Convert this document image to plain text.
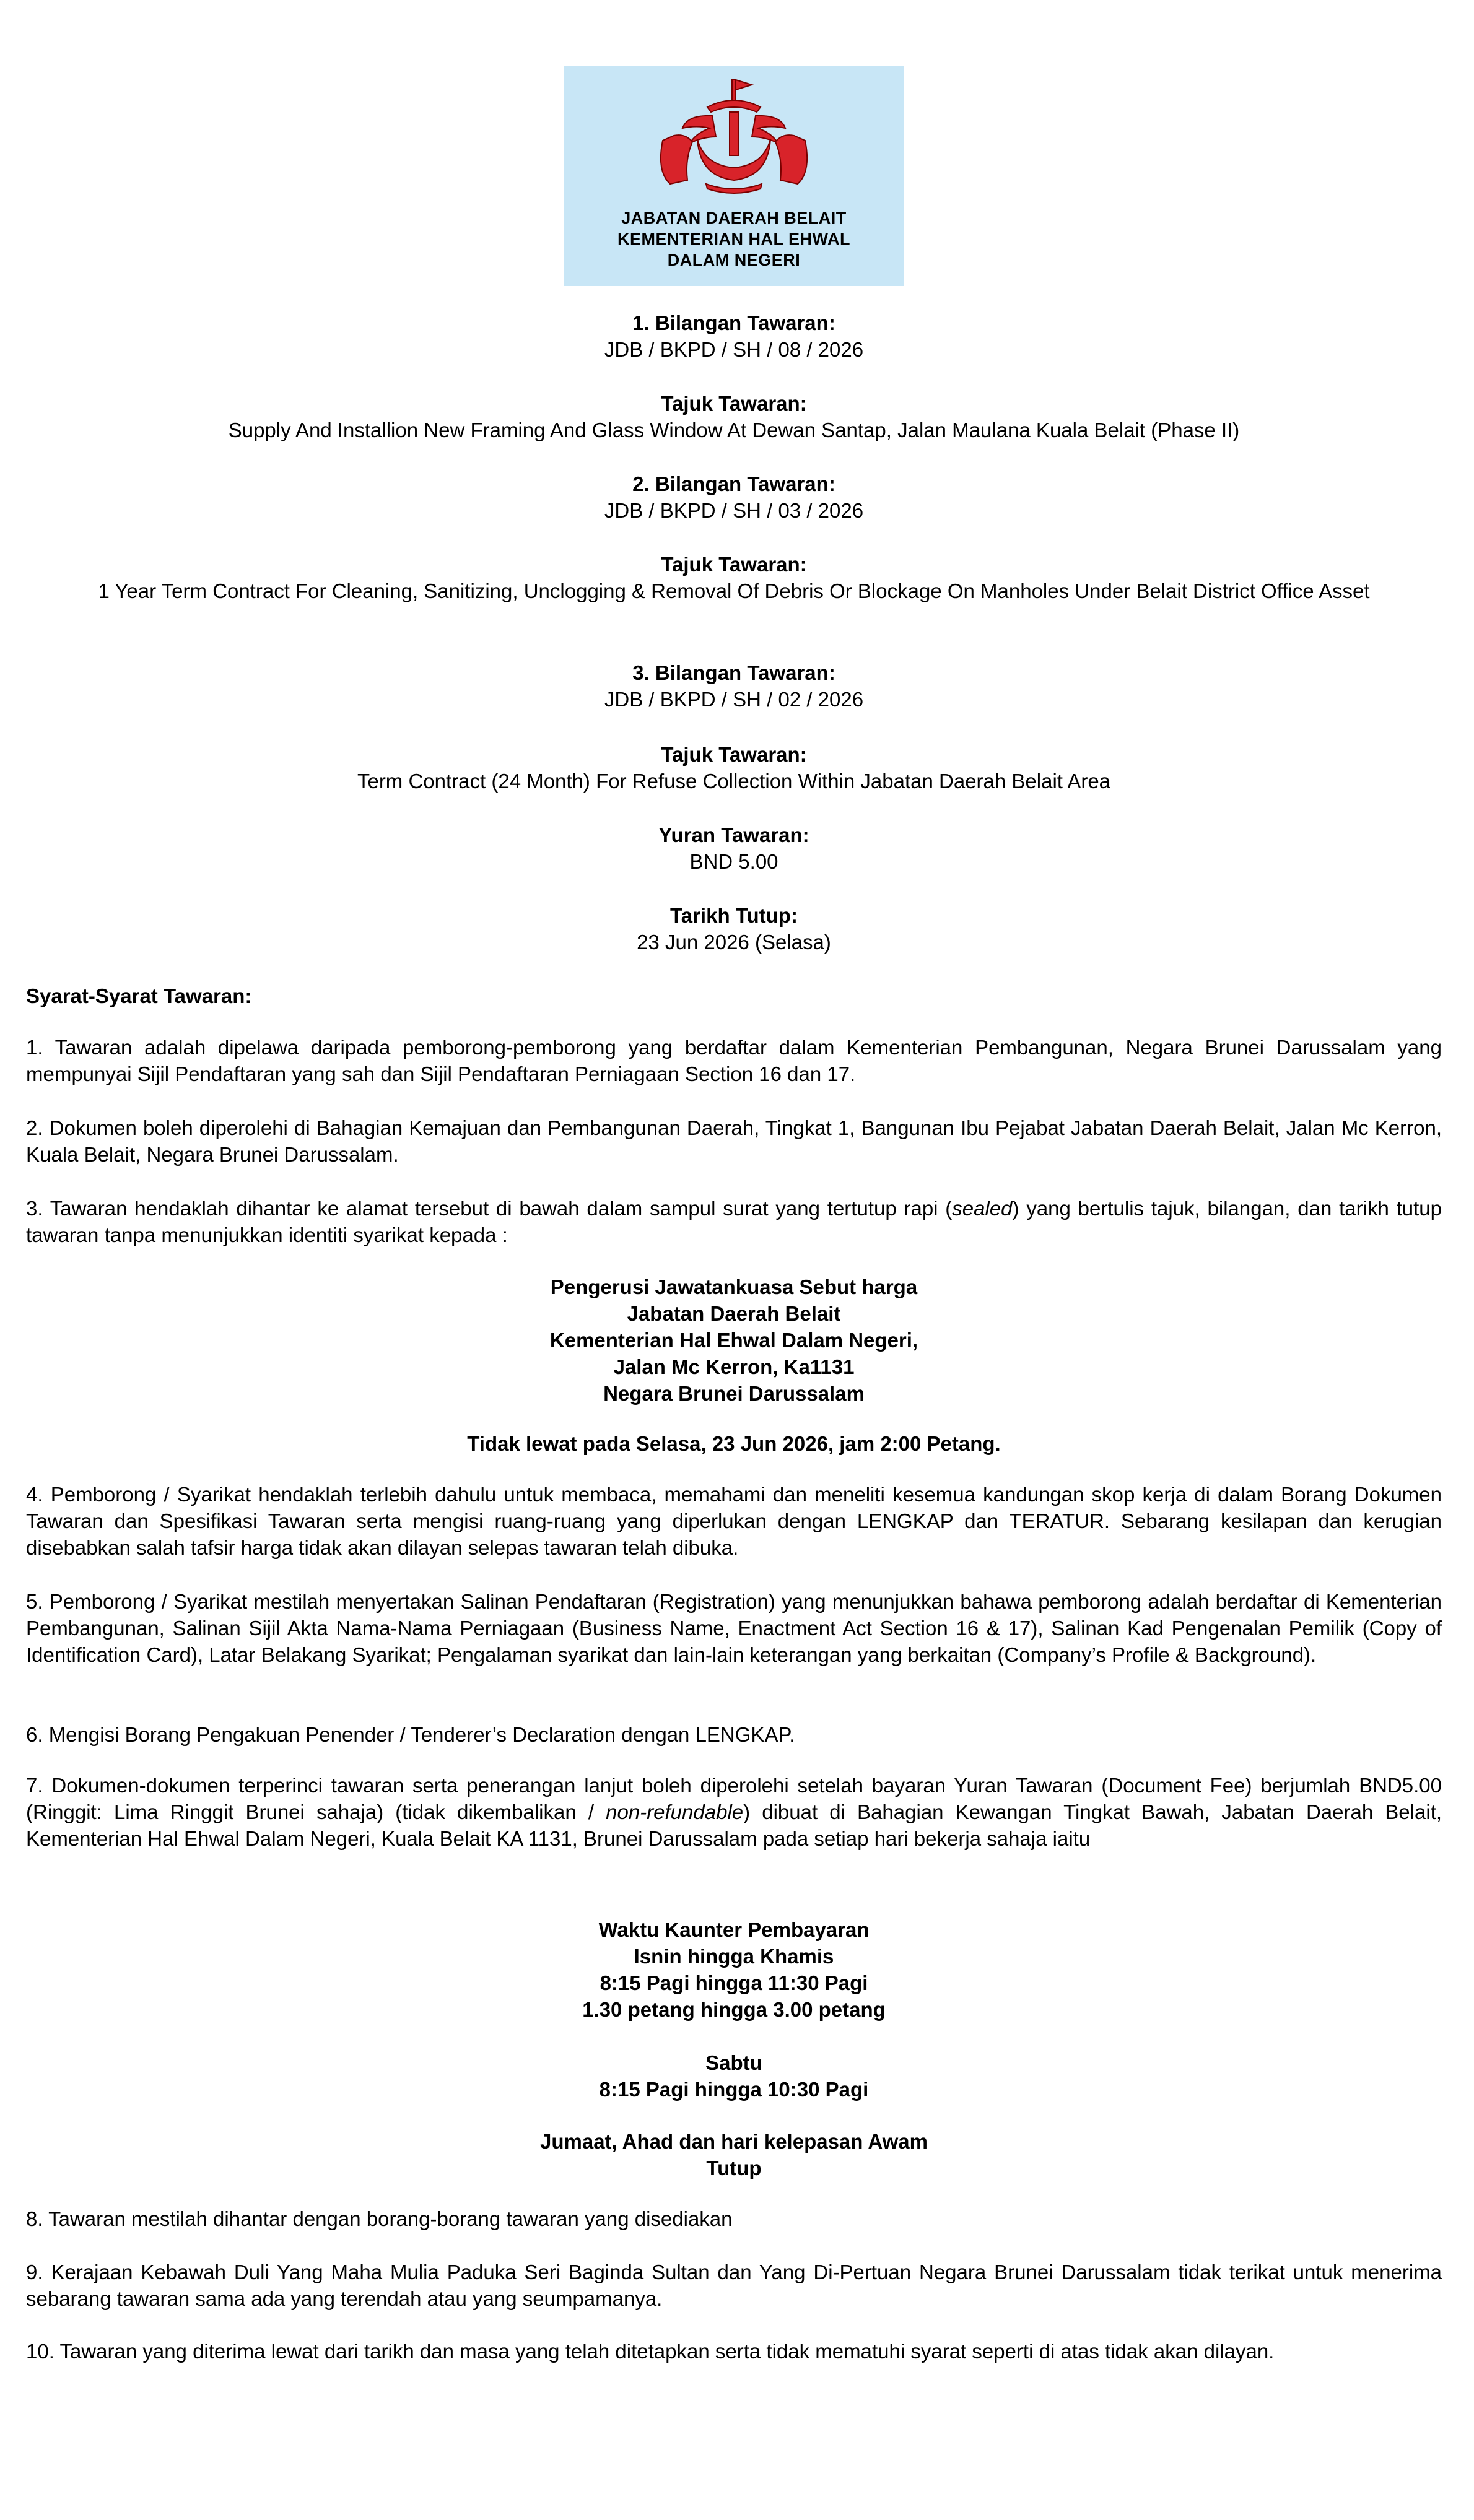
JABATAN DAERAH BELAIT
KEMENTERIAN HAL EHWAL
DALAM NEGERI
1. Bilangan Tawaran:
JDB / BKPD / SH / 08 / 2026
Tajuk Tawaran:
Supply And Installion New Framing And Glass Window At Dewan Santap, Jalan Maulana Kuala Belait (Phase II)
2. Bilangan Tawaran:
JDB / BKPD / SH / 03 / 2026
Tajuk Tawaran:
1 Year Term Contract For Cleaning, Sanitizing, Unclogging & Removal Of Debris Or Blockage On Manholes Under Belait District Office Asset
3. Bilangan Tawaran:
JDB / BKPD / SH / 02 / 2026
Tajuk Tawaran:
Term Contract (24 Month) For Refuse Collection Within Jabatan Daerah Belait Area
Yuran Tawaran:
BND 5.00
Tarikh Tutup:
23 Jun 2026 (Selasa)
Syarat-Syarat Tawaran:
1. Tawaran adalah dipelawa daripada pemborong-pemborong yang berdaftar dalam Kementerian Pembangunan, Negara Brunei Darussalam yang mempunyai Sijil Pendaftaran yang sah dan Sijil Pendaftaran Perniagaan Section 16 dan 17.
2. Dokumen boleh diperolehi di Bahagian Kemajuan dan Pembangunan Daerah, Tingkat 1, Bangunan Ibu Pejabat Jabatan Daerah Belait, Jalan Mc Kerron, Kuala Belait, Negara Brunei Darussalam.
3. Tawaran hendaklah dihantar ke alamat tersebut di bawah dalam sampul surat yang tertutup rapi (sealed) yang bertulis tajuk, bilangan, dan tarikh tutup tawaran tanpa menunjukkan identiti syarikat kepada :
Pengerusi Jawatankuasa Sebut harga
Jabatan Daerah Belait
Kementerian Hal Ehwal Dalam Negeri,
Jalan Mc Kerron, Ka1131
Negara Brunei Darussalam
Tidak lewat pada Selasa, 23 Jun 2026, jam 2:00 Petang.
4. Pemborong / Syarikat hendaklah terlebih dahulu untuk membaca, memahami dan meneliti kesemua kandungan skop kerja di dalam Borang Dokumen Tawaran dan Spesifikasi Tawaran serta mengisi ruang-ruang yang diperlukan dengan LENGKAP dan TERATUR. Sebarang kesilapan dan kerugian disebabkan salah tafsir harga tidak akan dilayan selepas tawaran telah dibuka.
5. Pemborong / Syarikat mestilah menyertakan Salinan Pendaftaran (Registration) yang menunjukkan bahawa pemborong adalah berdaftar di Kementerian Pembangunan, Salinan Sijil Akta Nama-Nama Perniagaan (Business Name, Enactment Act Section 16 & 17), Salinan Kad Pengenalan Pemilik (Copy of Identification Card), Latar Belakang Syarikat; Pengalaman syarikat dan lain-lain keterangan yang berkaitan (Company’s Profile & Background).
6. Mengisi Borang Pengakuan Penender / Tenderer’s Declaration dengan LENGKAP.
7. Dokumen-dokumen terperinci tawaran serta penerangan lanjut boleh diperolehi setelah bayaran Yuran Tawaran (Document Fee) berjumlah BND5.00 (Ringgit: Lima Ringgit Brunei sahaja) (tidak dikembalikan / non-refundable) dibuat di Bahagian Kewangan Tingkat Bawah, Jabatan Daerah Belait, Kementerian Hal Ehwal Dalam Negeri, Kuala Belait KA 1131, Brunei Darussalam pada setiap hari bekerja sahaja iaitu
Waktu Kaunter Pembayaran
Isnin hingga Khamis
8:15 Pagi hingga 11:30 Pagi
1.30 petang hingga 3.00 petang
Sabtu
8:15 Pagi hingga 10:30 Pagi
Jumaat, Ahad dan hari kelepasan Awam
Tutup
8. Tawaran mestilah dihantar dengan borang-borang tawaran yang disediakan
9. Kerajaan Kebawah Duli Yang Maha Mulia Paduka Seri Baginda Sultan dan Yang Di-Pertuan Negara Brunei Darussalam tidak terikat untuk menerima sebarang tawaran sama ada yang terendah atau yang seumpamanya.
10. Tawaran yang diterima lewat dari tarikh dan masa yang telah ditetapkan serta tidak mematuhi syarat seperti di atas tidak akan dilayan.
